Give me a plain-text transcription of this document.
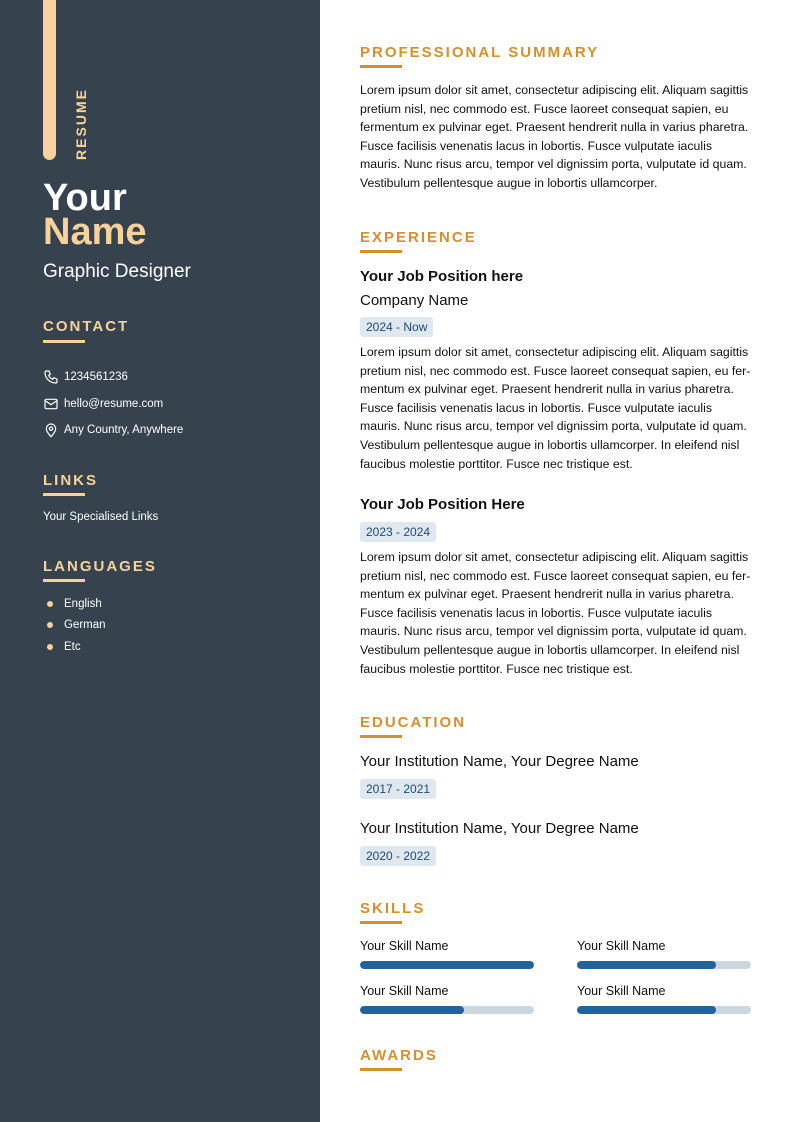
RESUME
Your
Name
Graphic Designer
CONTACT
1234561236
hello@resume.com
Any Country, Anywhere
LINKS
Your Specialised Links
LANGUAGES
English
German
Etc
PROFESSIONAL SUMMARY
Lorem ipsum dolor sit amet, consectetur adipiscing elit. Aliquam sagittis pretium nisl, nec commodo est. Fusce laoreet consequat sapien, eu fermentum ex pulvinar eget. Praesent hendrerit nulla in varius pharetra. Fusce facilisis venenatis lacus in lobortis. Fusce vulputate iaculis mauris. Nunc risus arcu, tempor vel dignissim porta, vulputate id quam. Vestibulum pellentesque augue in lobortis ullamcorper.
EXPERIENCE
Your Job Position here
Company Name
2024 - Now
Lorem ipsum dolor sit amet, consectetur adipiscing elit. Aliquam sagittis pretium nisl, nec commodo est. Fusce laoreet consequat sapien, eu fermentum ex pulvinar eget. Praesent hendrerit nulla in varius pharetra. Fusce facilisis venenatis lacus in lobortis. Fusce vulputate iaculis mauris. Nunc risus arcu, tempor vel dignissim porta, vulputate id quam. Vestibulum pellentesque augue in lobortis ullamcorper. In eleifend nisl faucibus molestie porttitor. Fusce nec tristique est.
Your Job Position Here
2023 - 2024
Lorem ipsum dolor sit amet, consectetur adipiscing elit. Aliquam sagittis pretium nisl, nec commodo est. Fusce laoreet consequat sapien, eu fermentum ex pulvinar eget. Praesent hendrerit nulla in varius pharetra. Fusce facilisis venenatis lacus in lobortis. Fusce vulputate iaculis mauris. Nunc risus arcu, tempor vel dignissim porta, vulputate id quam. Vestibulum pellentesque augue in lobortis ullamcorper. In eleifend nisl faucibus molestie porttitor. Fusce nec tristique est.
EDUCATION
Your Institution Name, Your Degree Name
2017 - 2021
Your Institution Name, Your Degree Name
2020 - 2022
SKILLS
Your Skill Name	Your Skill Name
Your Skill Name	Your Skill Name
AWARDS
